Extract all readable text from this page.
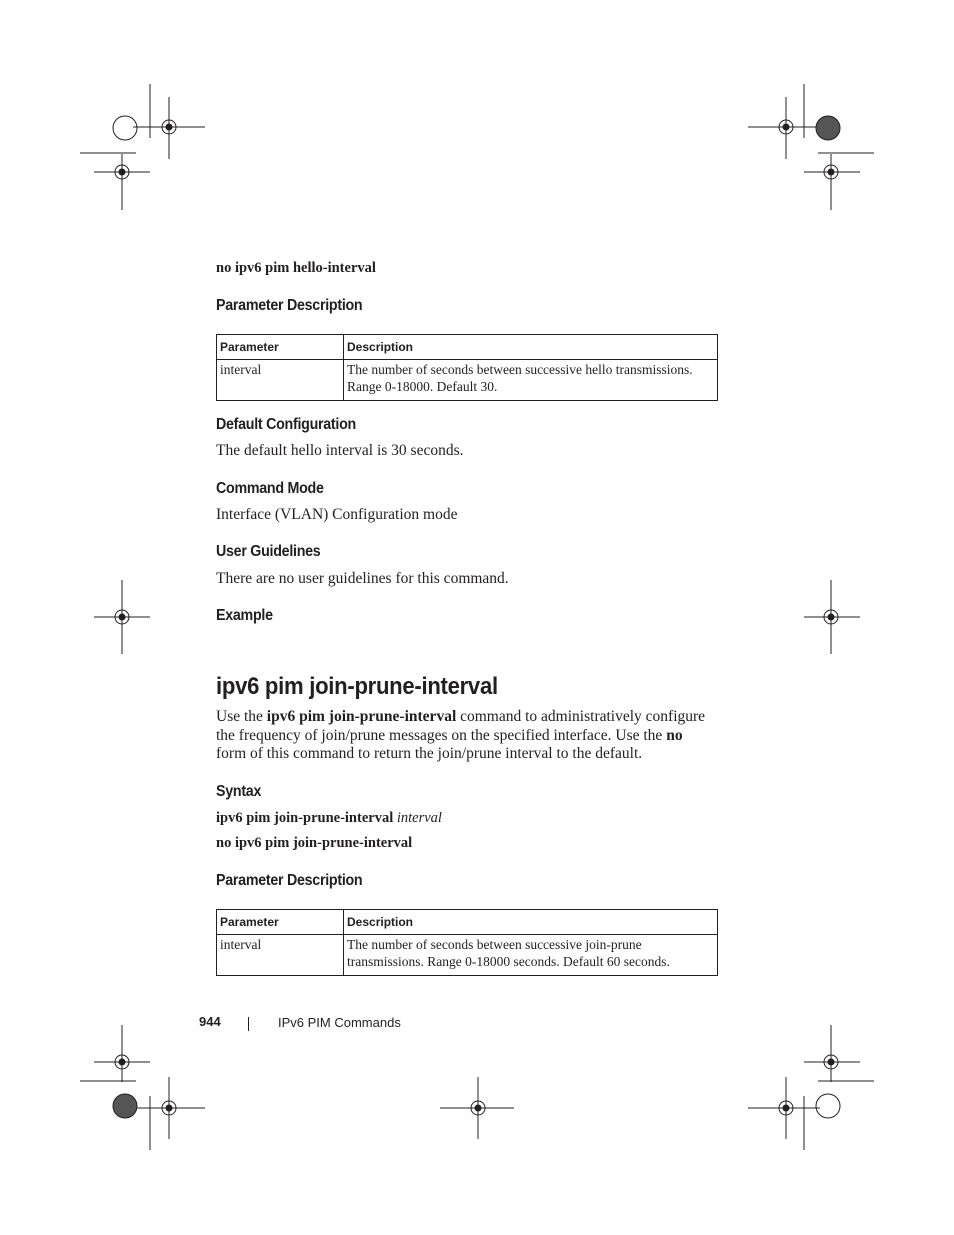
no ipv6 pim hello-interval
Parameter Description
Parameter	Description
interval	The number of seconds between successive hello transmissions.
Range 0-18000. Default 30.
Default Configuration
The default hello interval is 30 seconds.
Command Mode
Interface (VLAN) Configuration mode
User Guidelines
There are no user guidelines for this command.
Example
ipv6 pim join-prune-interval
Use the ipv6 pim join-prune-interval command to administratively configure the frequency of join/prune messages on the specified interface. Use the no form of this command to return the join/prune interval to the default.
Syntax
ipv6 pim join-prune-interval interval
no ipv6 pim join-prune-interval
Parameter Description
Parameter	Description
interval	The number of seconds between successive join-prune
transmissions. Range 0-18000 seconds. Default 60 seconds.
944	IPv6 PIM Commands
